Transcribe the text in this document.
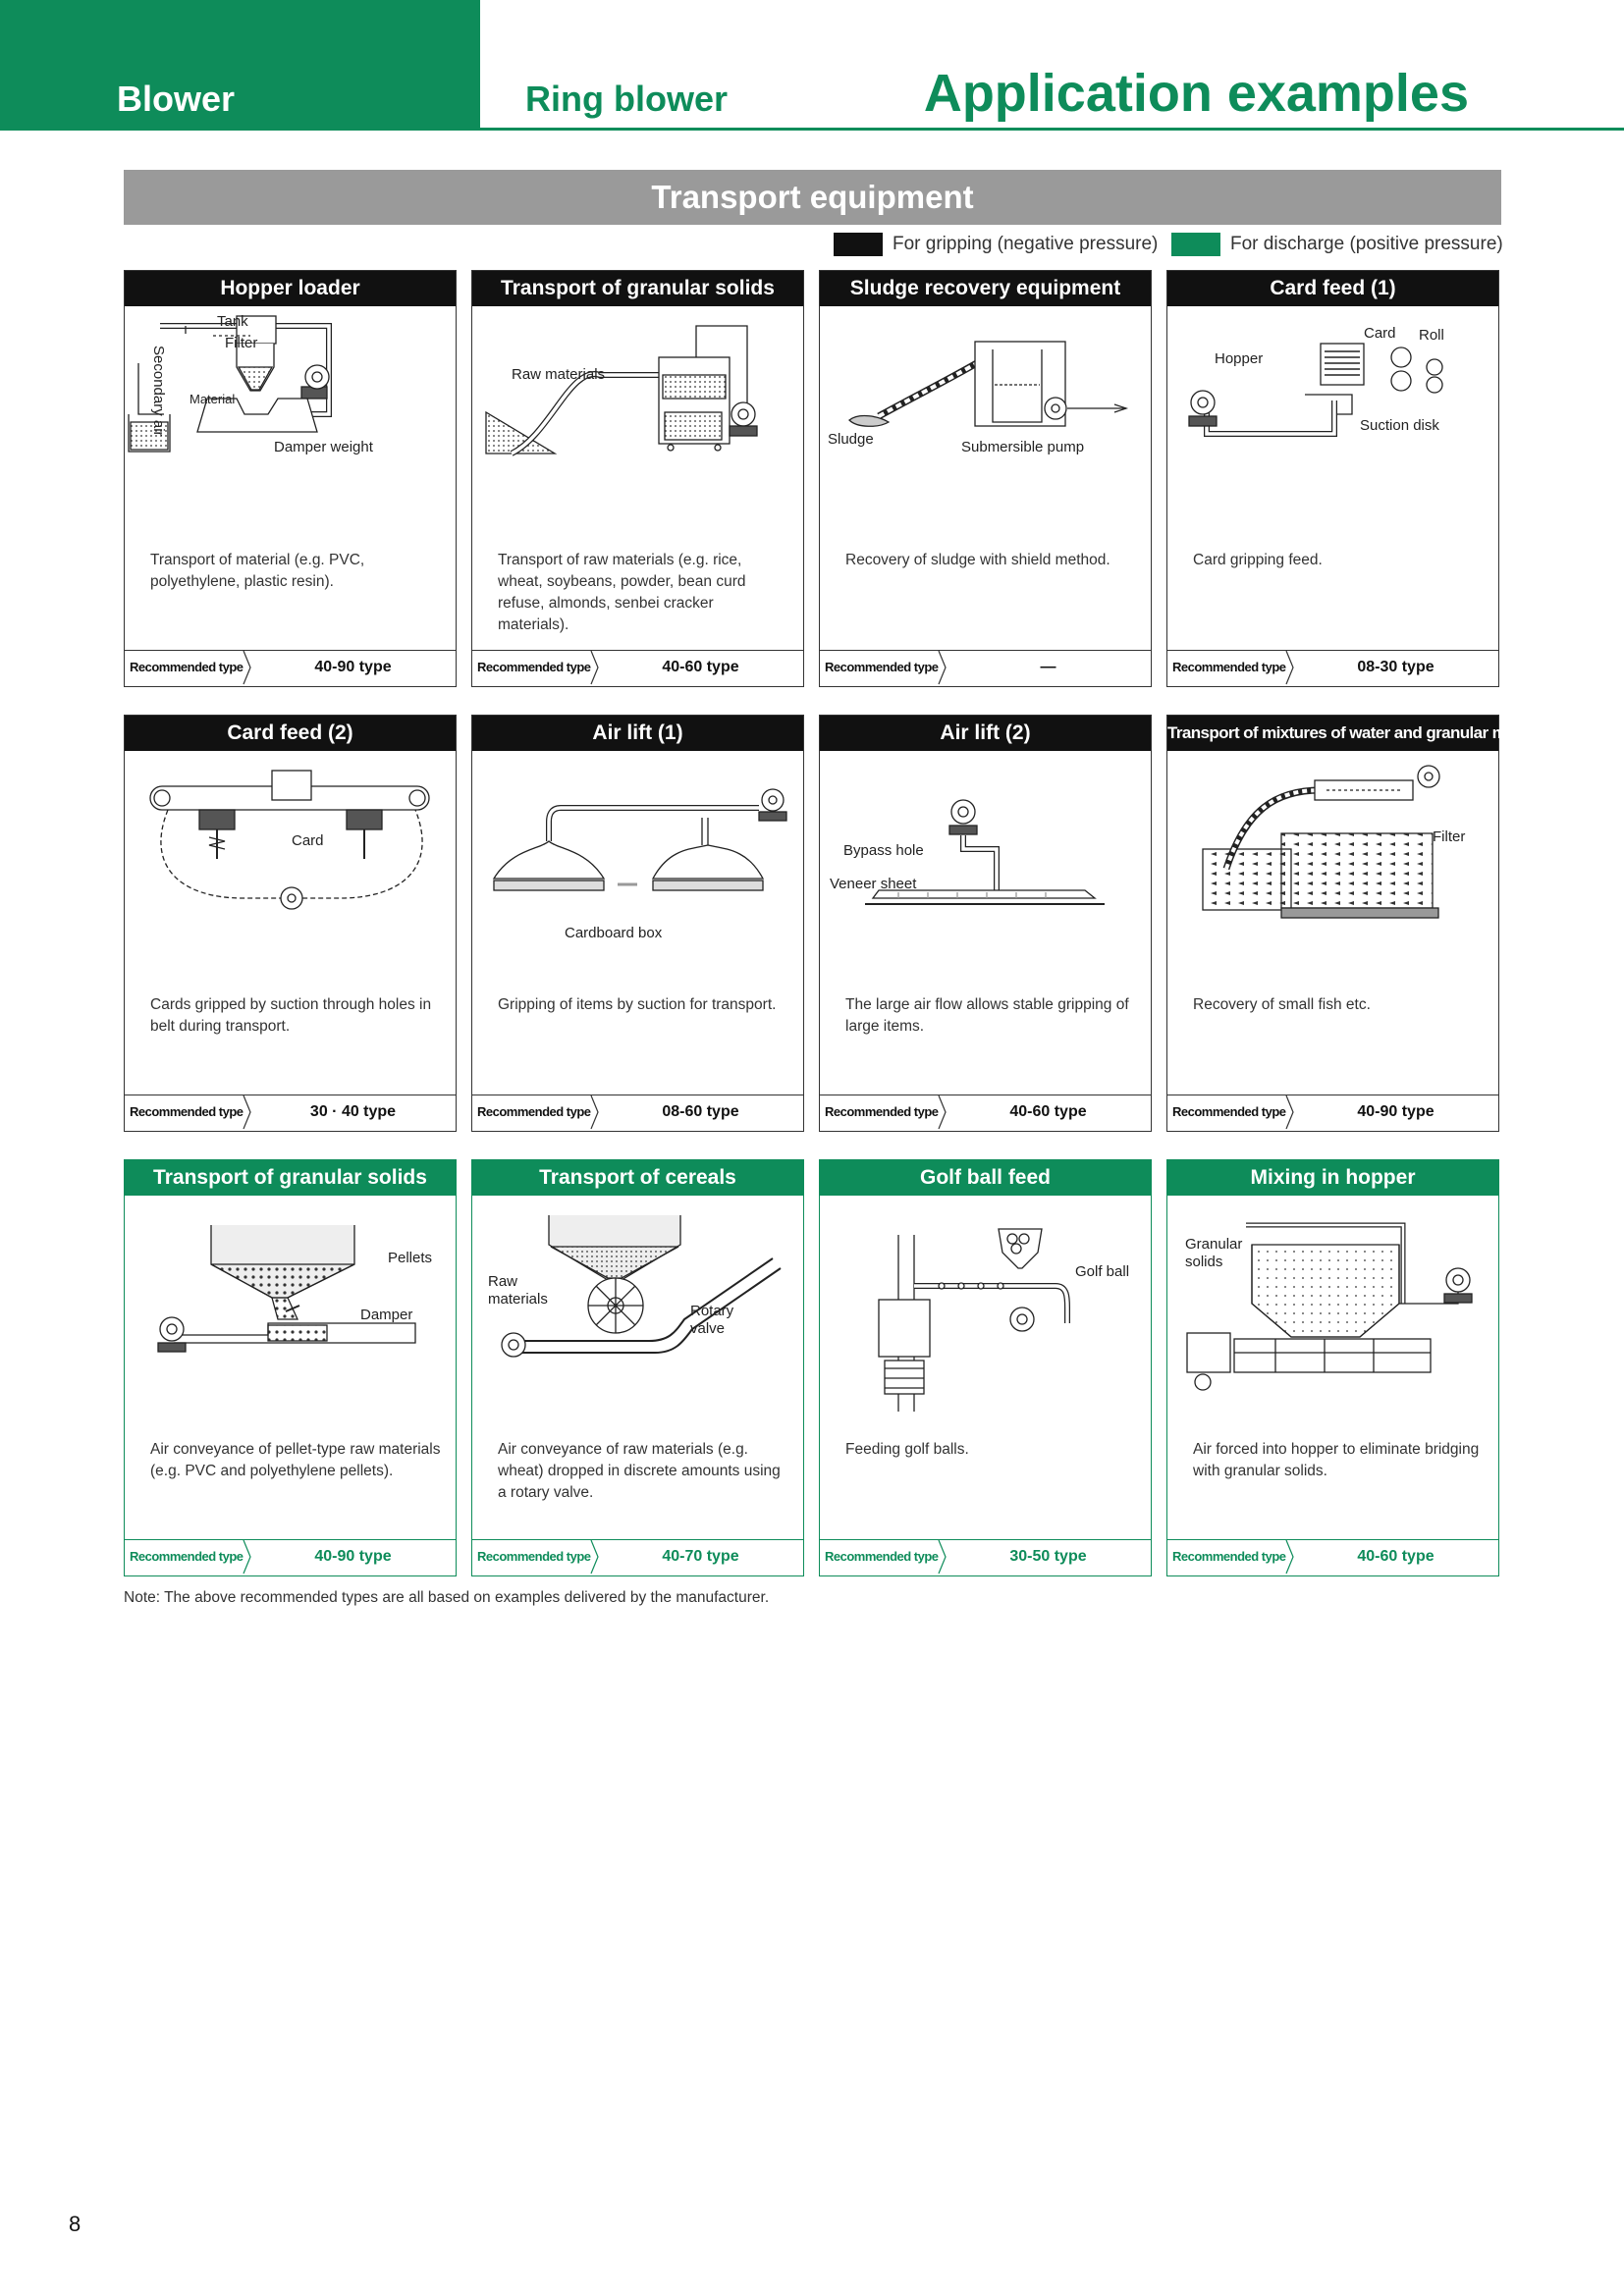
Blower	Ring blower	Application examples
Transport equipment
For gripping (negative pressure)	For discharge (positive pressure)
Hopper loader
Tank
Filter
Secondary air Material
Damper weight
Transport of material (e.g. PVC, polyethylene, plastic resin).
Recommended type	40-90 type
Transport of granular solids
Raw materials
Transport of raw materials (e.g. rice, wheat, soybeans, powder, bean curd refuse, almonds, senbei cracker materials).
Recommended type	40-60 type
Sludge recovery equipment
Sludge	Submersible pump
Recovery of sludge with shield method.
Recommended type	—
Card feed (1)
Card Roll
Hopper
Suction disk
Card gripping feed.
Recommended type	08-30 type
Card feed (2)
Card
Cards gripped by suction through holes in belt during transport.
Recommended type	30 · 40 type
Air lift (1)
Cardboard box
Gripping of items by suction for transport.
Recommended type	08-60 type
Air lift (2)
Bypass hole
Veneer sheet
The large air flow allows stable gripping of large items.
Recommended type	40-60 type
Transport of mixtures of water and granular material
Filter
Recovery of small fish etc.
Recommended type	40-90 type
Transport of granular solids
Pellets
Damper
Air conveyance of pellet-type raw materials (e.g. PVC and polyethylene pellets).
Recommended type	40-90 type
Transport of cereals
Raw
materials
Rotary
valve
Air conveyance of raw materials (e.g. wheat) dropped in discrete amounts using a rotary valve.
Recommended type	40-70 type
Golf ball feed
Golf ball
Feeding golf balls.
Recommended type	30-50 type
Mixing in hopper
Granular
solids
Air forced into hopper to eliminate bridging with granular solids.
Recommended type	40-60 type
Note: The above recommended types are all based on examples delivered by the manufacturer.
8
